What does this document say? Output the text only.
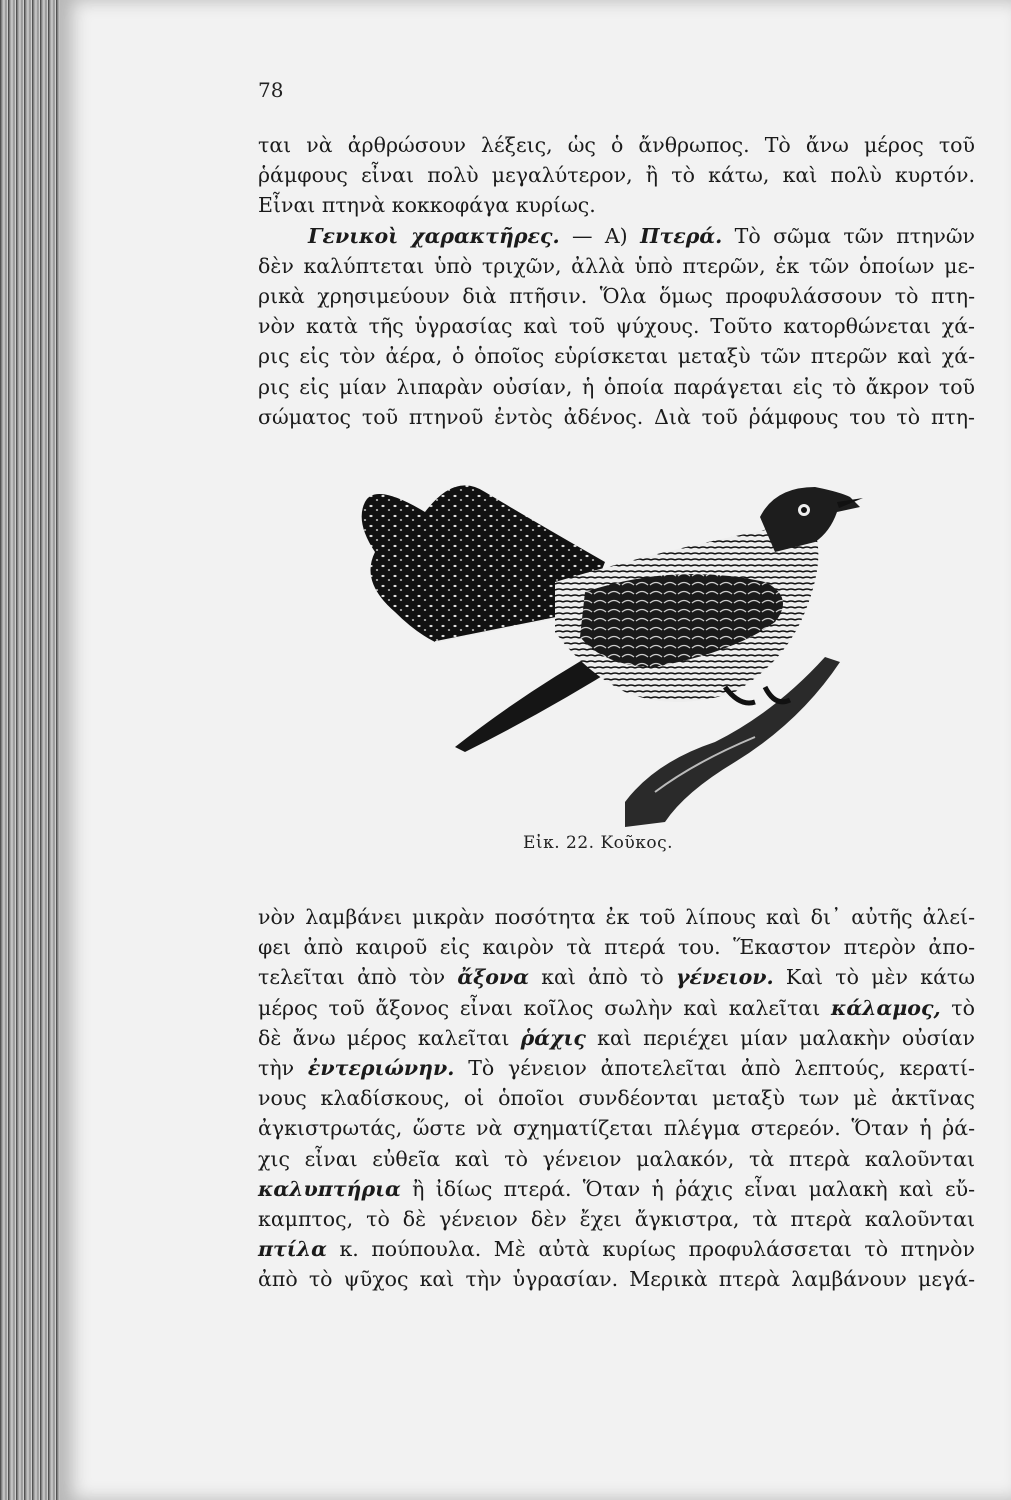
78
ται νὰ ἀρθρώσουν λέξεις, ὡς ὁ ἄνθρωπος. Τὸ ἄνω μέρος τοῦ
ῥάμφους εἶναι πολὺ μεγαλύτερον, ἢ τὸ κάτω, καὶ πολὺ κυρτόν.
Εἶναι πτηνὰ κοκκοφάγα κυρίως.
Γενικοὶ χαρακτῆρες. — Α) Πτερά. Τὸ σῶμα τῶν πτηνῶν
δὲν καλύπτεται ὑπὸ τριχῶν, ἀλλὰ ὑπὸ πτερῶν, ἐκ τῶν ὁποίων με-
ρικὰ χρησιμεύουν διὰ πτῆσιν. Ὅλα ὅμως προφυλάσσουν τὸ πτη-
νὸν κατὰ τῆς ὑγρασίας καὶ τοῦ ψύχους. Τοῦτο κατορθώνεται χά-
ρις εἰς τὸν ἀέρα, ὁ ὁποῖος εὑρίσκεται μεταξὺ τῶν πτερῶν καὶ χά-
ρις εἰς μίαν λιπαρὰν οὐσίαν, ἡ ὁποία παράγεται εἰς τὸ ἄκρον τοῦ
σώματος τοῦ πτηνοῦ ἐντὸς ἀδένος. Διὰ τοῦ ῥάμφους του τὸ πτη-
Εἰκ. 22. Κοῦκος.
νὸν λαμβάνει μικρὰν ποσότητα ἐκ τοῦ λίπους καὶ δι᾽ αὐτῆς ἀλεί-
φει ἀπὸ καιροῦ εἰς καιρὸν τὰ πτερά του. Ἕκαστον πτερὸν ἀπο-
τελεῖται ἀπὸ τὸν ἄξονα καὶ ἀπὸ τὸ γένειον. Καὶ τὸ μὲν κάτω
μέρος τοῦ ἄξονος εἶναι κοῖλος σωλὴν καὶ καλεῖται κάλαμος, τὸ
δὲ ἄνω μέρος καλεῖται ῥάχις καὶ περιέχει μίαν μαλακὴν οὐσίαν
τὴν ἐντεριώνην. Τὸ γένειον ἀποτελεῖται ἀπὸ λεπτούς, κερατί-
νους κλαδίσκους, οἱ ὁποῖοι συνδέονται μεταξὺ των μὲ ἀκτῖνας
ἀγκιστρωτάς, ὥστε νὰ σχηματίζεται πλέγμα στερεόν. Ὅταν ἡ ῥά-
χις εἶναι εὐθεῖα καὶ τὸ γένειον μαλακόν, τὰ πτερὰ καλοῦνται
καλυπτήρια ἢ ἰδίως πτερά. Ὅταν ἡ ῥάχις εἶναι μαλακὴ καὶ εὔ-
καμπτος, τὸ δὲ γένειον δὲν ἔχει ἄγκιστρα, τὰ πτερὰ καλοῦνται
πτίλα κ. πούπουλα. Μὲ αὐτὰ κυρίως προφυλάσσεται τὸ πτηνὸν
ἀπὸ τὸ ψῦχος καὶ τὴν ὑγρασίαν. Μερικὰ πτερὰ λαμβάνουν μεγά-
